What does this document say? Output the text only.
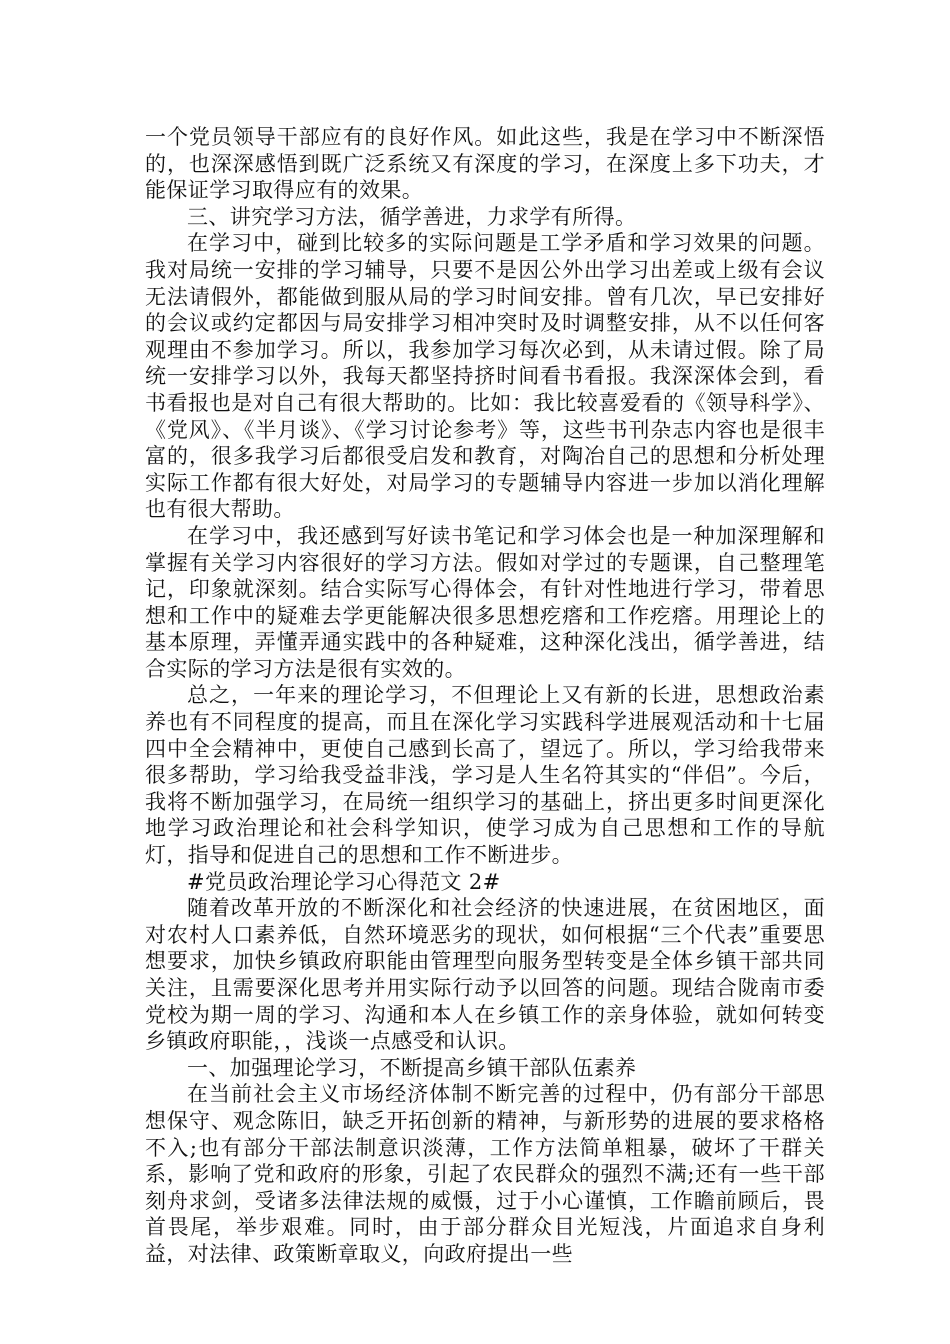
一个党员领导干部应有的良好作风。如此这些，我是在学习中不断深悟的，也深深感悟到既广泛系统又有深度的学习，在深度上多下功夫，才能保证学习取得应有的效果。

三、讲究学习方法，循学善进，力求学有所得。

在学习中，碰到比较多的实际问题是工学矛盾和学习效果的问题。我对局统一安排的学习辅导，只要不是因公外出学习出差或上级有会议无法请假外，都能做到服从局的学习时间安排。曾有几次，早已安排好的会议或约定都因与局安排学习相冲突时及时调整安排，从不以任何客观理由不参加学习。所以，我参加学习每次必到，从未请过假。除了局统一安排学习以外，我每天都坚持挤时间看书看报。我深深体会到，看书看报也是对自己有很大帮助的。比如：我比较喜爱看的《领导科学》、《党风》、《半月谈》、《学习讨论参考》等，这些书刊杂志内容也是很丰富的，很多我学习后都很受启发和教育，对陶冶自己的思想和分析处理实际工作都有很大好处，对局学习的专题辅导内容进一步加以消化理解也有很大帮助。

在学习中，我还感到写好读书笔记和学习体会也是一种加深理解和掌握有关学习内容很好的学习方法。假如对学过的专题课，自己整理笔记，印象就深刻。结合实际写心得体会，有针对性地进行学习，带着思想和工作中的疑难去学更能解决很多思想疙瘩和工作疙瘩。用理论上的基本原理，弄懂弄通实践中的各种疑难，这种深化浅出，循学善进，结合实际的学习方法是很有实效的。

总之，一年来的理论学习，不但理论上又有新的长进，思想政治素养也有不同程度的提高，而且在深化学习实践科学进展观活动和十七届四中全会精神中，更使自己感到长高了，望远了。所以，学习给我带来很多帮助，学习给我受益非浅，学习是人生名符其实的“伴侣”。今后，我将不断加强学习，在局统一组织学习的基础上，挤出更多时间更深化地学习政治理论和社会科学知识，使学习成为自己思想和工作的导航灯，指导和促进自己的思想和工作不断进步。

#党员政治理论学习心得范文 2#

随着改革开放的不断深化和社会经济的快速进展，在贫困地区，面对农村人口素养低，自然环境恶劣的现状，如何根据“三个代表”重要思想要求，加快乡镇政府职能由管理型向服务型转变是全体乡镇干部共同关注，且需要深化思考并用实际行动予以回答的问题。现结合陇南市委党校为期一周的学习、沟通和本人在乡镇工作的亲身体验，就如何转变乡镇政府职能，，浅谈一点感受和认识。

一、加强理论学习，不断提高乡镇干部队伍素养

在当前社会主义市场经济体制不断完善的过程中，仍有部分干部思想保守、观念陈旧，缺乏开拓创新的精神，与新形势的进展的要求格格不入;也有部分干部法制意识淡薄，工作方法简单粗暴，破坏了干群关系，影响了党和政府的形象，引起了农民群众的强烈不满;还有一些干部刻舟求剑，受诸多法律法规的威慑，过于小心谨慎，工作瞻前顾后，畏首畏尾，举步艰难。同时，由于部分群众目光短浅，片面追求自身利益，对法律、政策断章取义，向政府提出一些
